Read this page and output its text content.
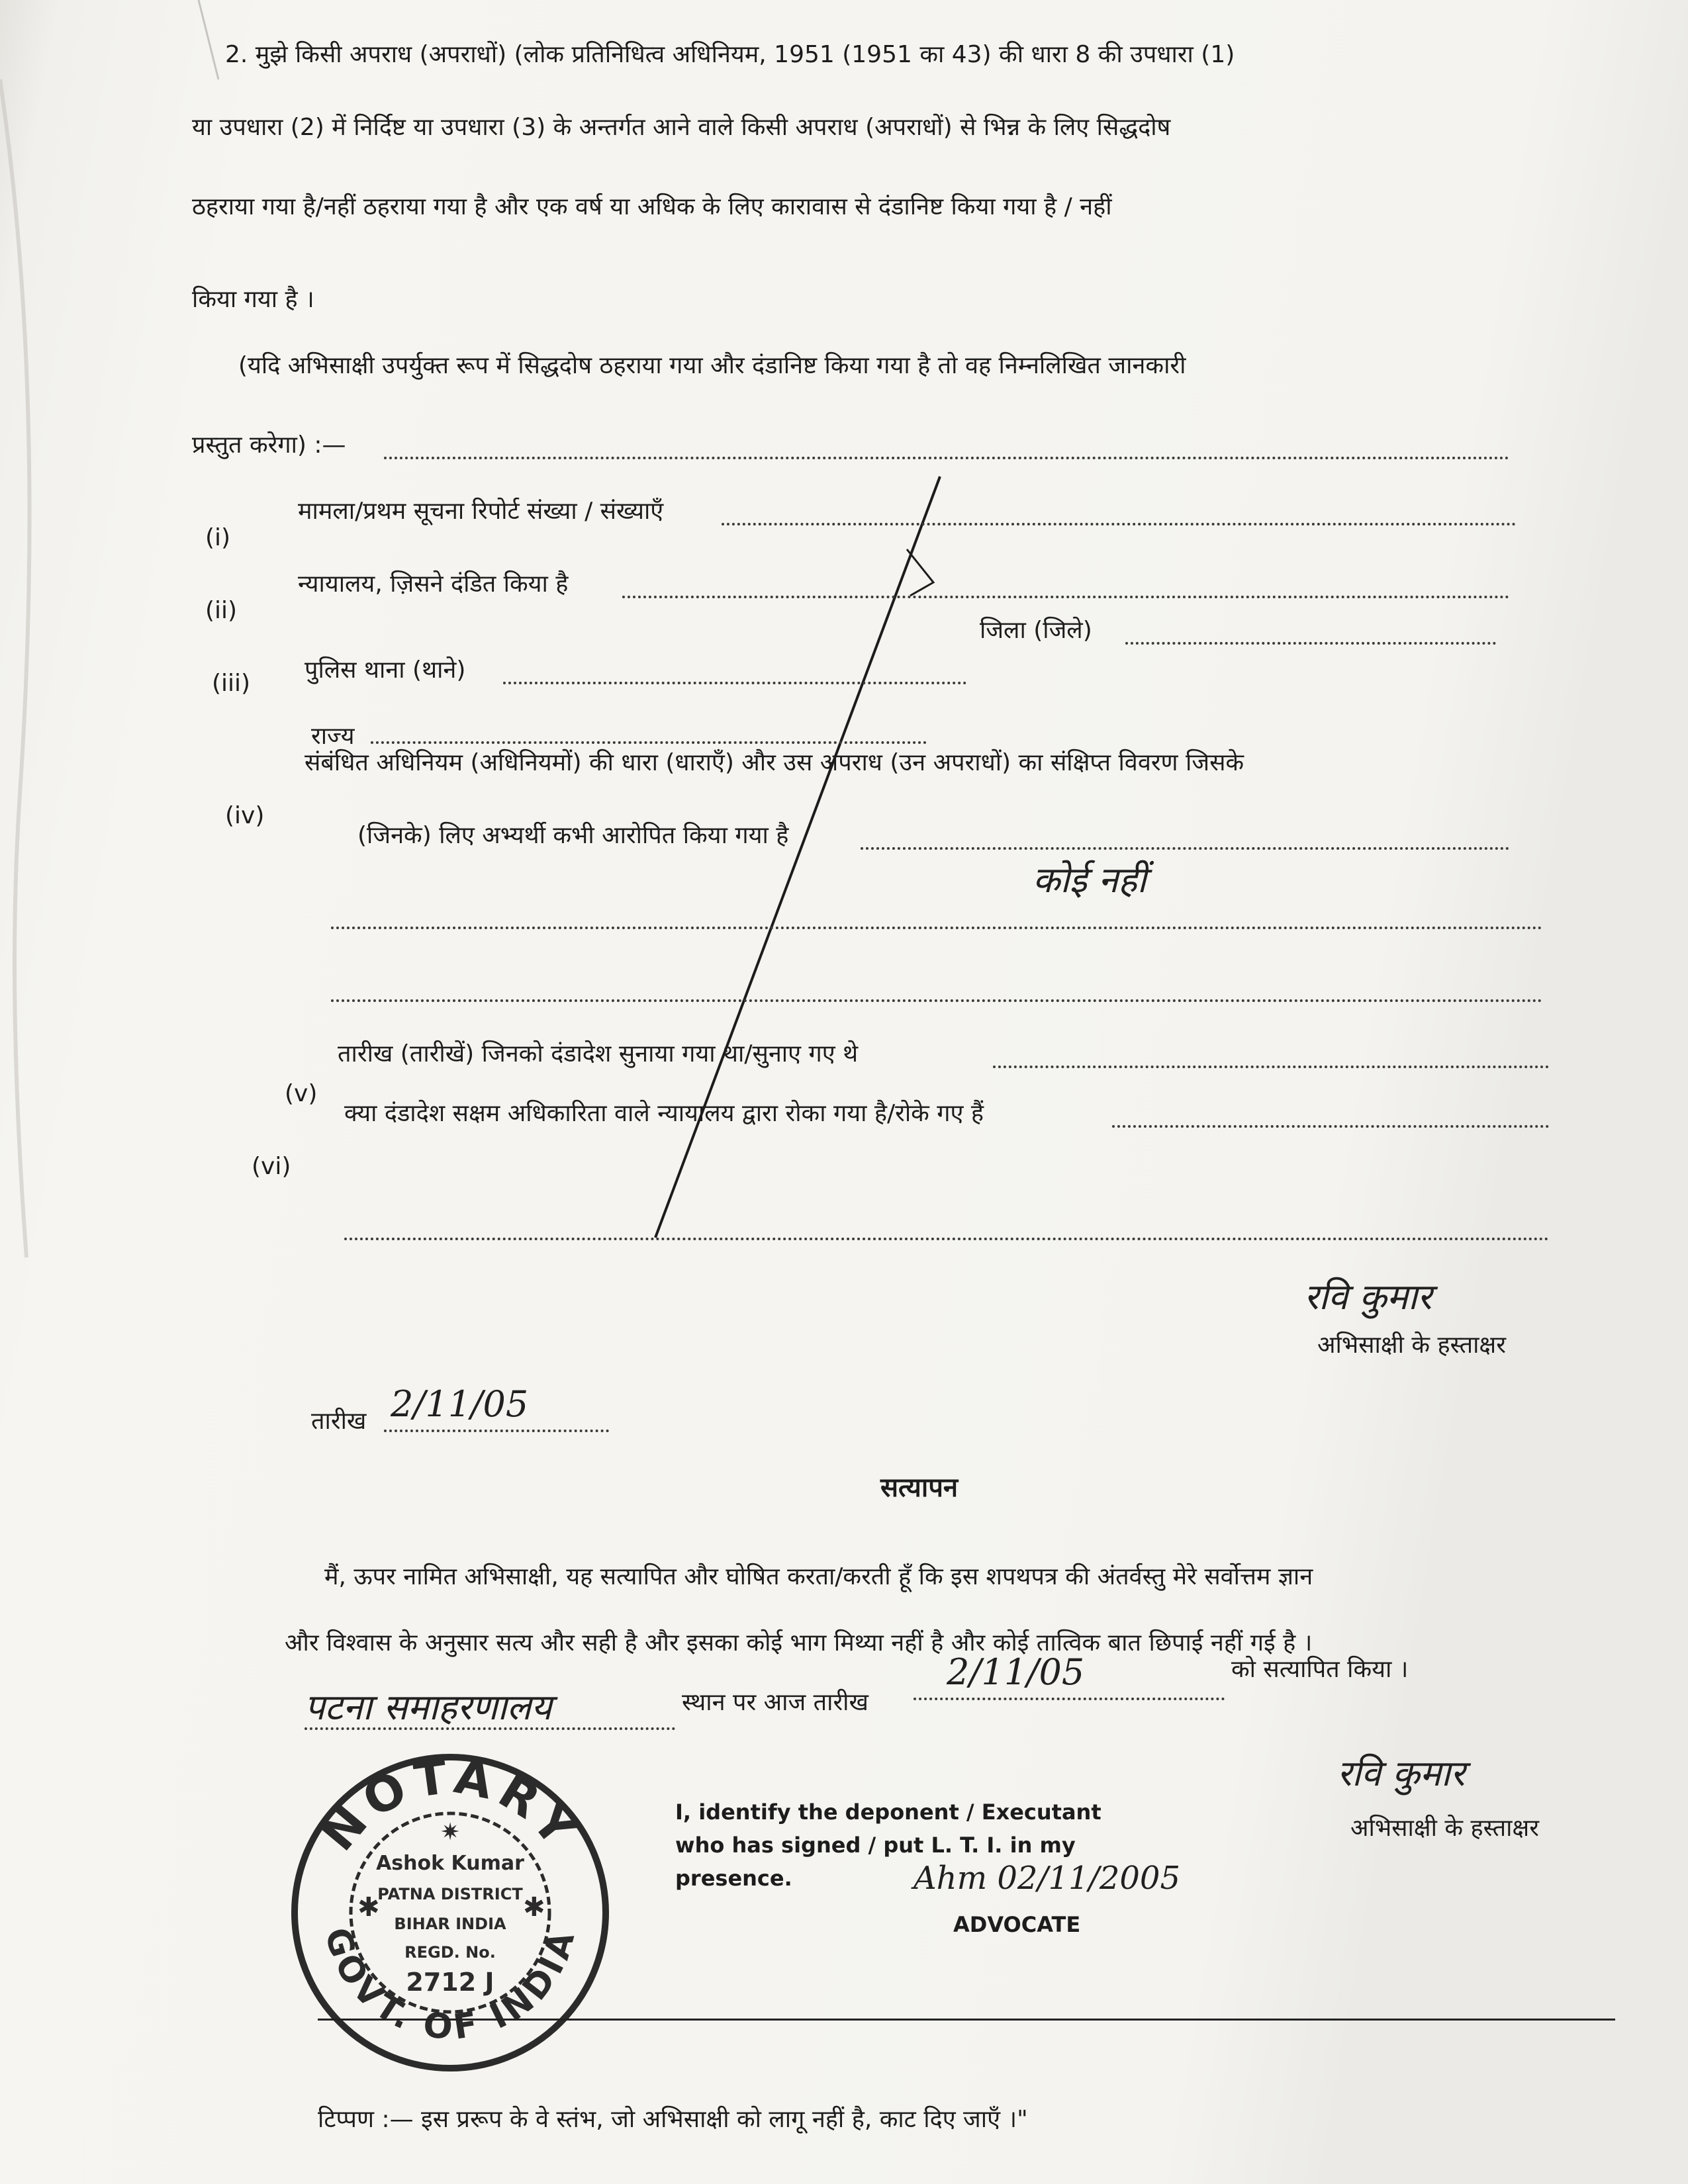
2. मुझे किसी अपराध (अपराधों) (लोक प्रतिनिधित्व अधिनियम, 1951 (1951 का 43) की धारा 8 की उपधारा (1)
या उपधारा (2) में निर्दिष्ट या उपधारा (3) के अन्तर्गत आने वाले किसी अपराध (अपराधों) से भिन्न के लिए सिद्धदोष
ठहराया गया है/नहीं ठहराया गया है और एक वर्ष या अधिक के लिए कारावास से दंडानिष्ट किया गया है / नहीं
किया गया है ।
(यदि अभिसाक्षी उपर्युक्त रूप में सिद्धदोष ठहराया गया और दंडानिष्ट किया गया है तो वह निम्नलिखित जानकारी
प्रस्तुत करेगा) :—
(i)
मामला/प्रथम सूचना रिपोर्ट संख्या / संख्याएँ
(ii)
न्यायालय, ज़िसने दंडित किया है
जिला (जिले)
(iii) पुलिस थाना (थाने)
राज्य
(iv)
संबंधित अधिनियम (अधिनियमों) की धारा (धाराएँ) और उस अपराध (उन अपराधों) का संक्षिप्त विवरण जिसके
(जिनके) लिए अभ्यर्थी कभी आरोपित किया गया है
कोई नहीं
(v)
तारीख (तारीखें) जिनको दंडादेश सुनाया गया था/सुनाए गए थे
(vi)
क्या दंडादेश सक्षम अधिकारिता वाले न्यायालय द्वारा रोका गया है/रोके गए हैं
रवि कुमार
अभिसाक्षी के हस्ताक्षर
तारीख 2/11/05
सत्यापन
मैं, ऊपर नामित अभिसाक्षी, यह सत्यापित और घोषित करता/करती हूँ कि इस शपथपत्र की अंतर्वस्तु मेरे सर्वोत्तम ज्ञान
और विश्वास के अनुसार सत्य और सही है और इसका कोई भाग मिथ्या नहीं है और कोई तात्विक बात छिपाई नहीं गई है ।
पटना समाहरणालय	स्थान पर आज तारीख
2/11/05	को सत्यापित किया ।
रवि कुमार
अभिसाक्षी के हस्ताक्षर
NOTARY
GOVT. OF INDIA
Ashok Kumar
PATNA DISTRICT
BIHAR INDIA
REGD. No.
2712 J
✱	✱
✷
I, identify the deponent / Executant
who has signed / put L. T. I. in my
presence.	Ahm 02/11/2005
ADVOCATE
टिप्पण :— इस प्ररूप के वे स्तंभ, जो अभिसाक्षी को लागू नहीं है, काट दिए जाएँ ।"
